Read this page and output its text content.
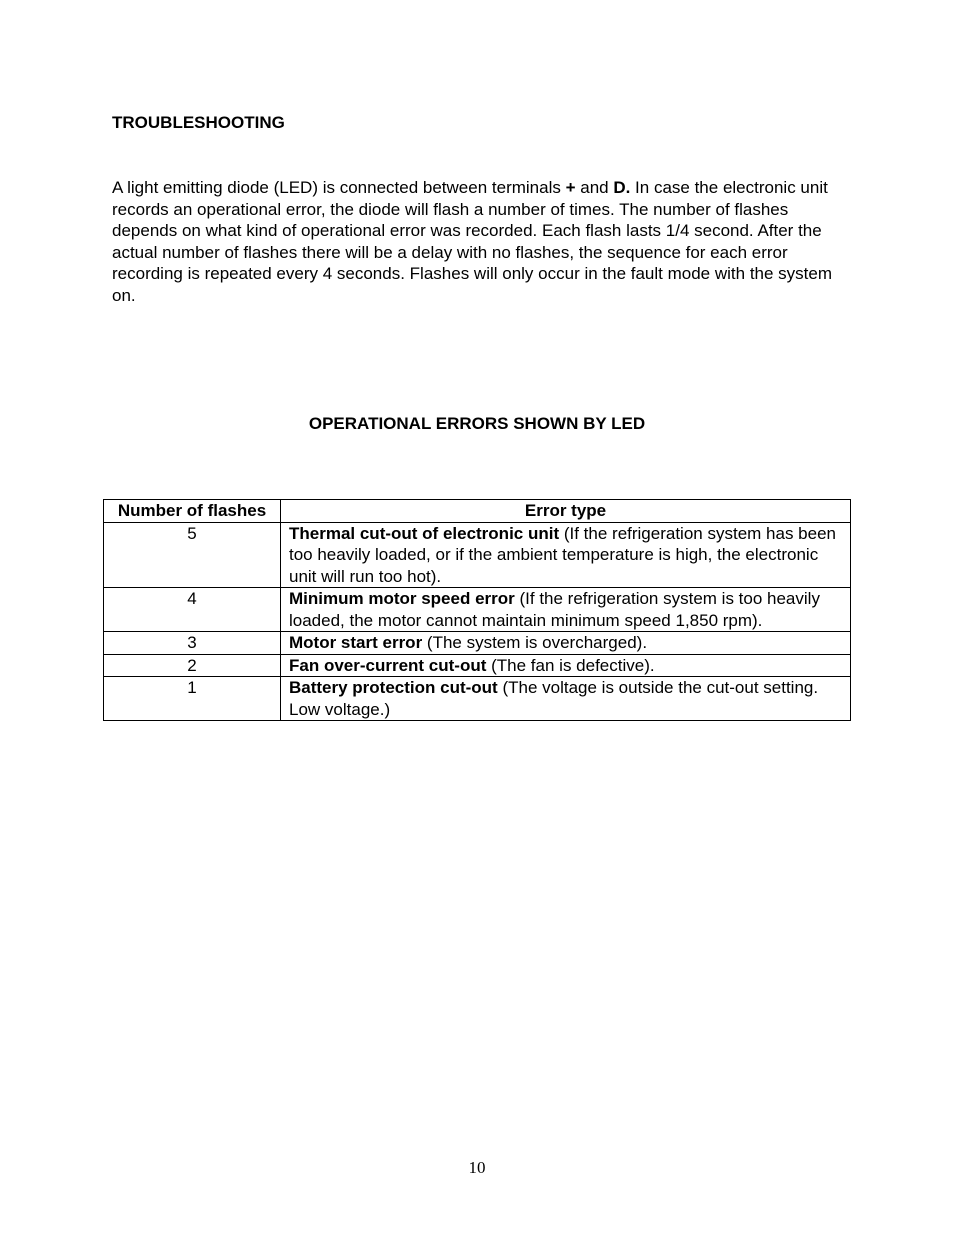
TROUBLESHOOTING

A light emitting diode (LED) is connected between terminals + and D. In case the electronic unit records an operational error, the diode will flash a number of times. The number of flashes depends on what kind of operational error was recorded. Each flash lasts 1/4 second. After the actual number of flashes there will be a delay with no flashes, the sequence for each error recording is repeated every 4 seconds. Flashes will only occur in the fault mode with the system on.

OPERATIONAL ERRORS SHOWN BY LED
Number of flashes	Error type
5	Thermal cut-out of electronic unit (If the refrigeration system has been too heavily loaded, or if the ambient temperature is high, the electronic unit will run too hot).
4	Minimum motor speed error (If the refrigeration system is too heavily loaded, the motor cannot maintain minimum speed 1,850 rpm).
3	Motor start error (The system is overcharged).
2	Fan over-current cut-out (The fan is defective).
1	Battery protection cut-out (The voltage is outside the cut-out setting. Low voltage.)
10
